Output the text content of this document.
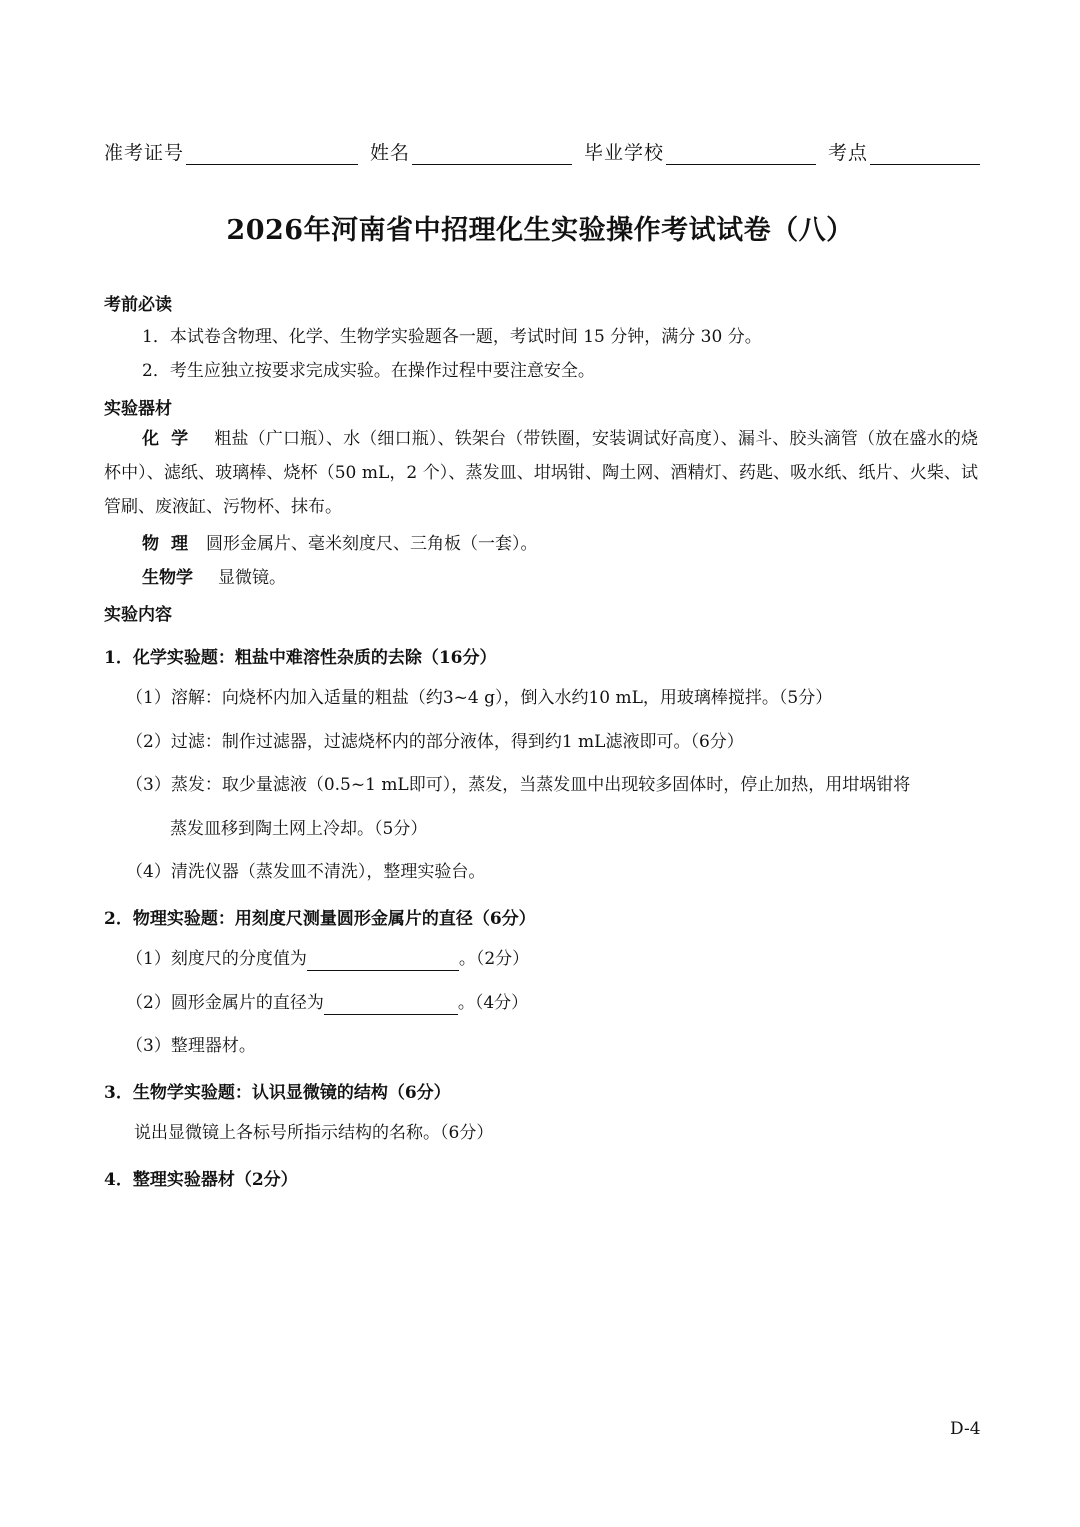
准考证号	姓名	毕业学校	考点
2026年河南省中招理化生实验操作考试试卷（八）
考前必读
1．本试卷含物理、化学、生物学实验题各一题，考试时间 15 分钟，满分 30 分。
2．考生应独立按要求完成实验。在操作过程中要注意安全。
实验器材
化学 粗盐（广口瓶）、水（细口瓶）、铁架台（带铁圈，安装调试好高度）、漏斗、胶头滴管（放在盛水的烧杯中）、滤纸、玻璃棒、烧杯（50 mL，2 个）、蒸发皿、坩埚钳、陶土网、酒精灯、药匙、吸水纸、纸片、火柴、试管刷、废液缸、污物杯、抹布。
物理 圆形金属片、毫米刻度尺、三角板（一套）。
生物学 显微镜。
实验内容
1．化学实验题：粗盐中难溶性杂质的去除（16分）
（1）溶解：向烧杯内加入适量的粗盐（约3~4 g），倒入水约10 mL，用玻璃棒搅拌。（5分）
（2）过滤：制作过滤器，过滤烧杯内的部分液体，得到约1 mL滤液即可。（6分）
（3）蒸发：取少量滤液（0.5~1 mL即可），蒸发，当蒸发皿中出现较多固体时，停止加热，用坩埚钳将
蒸发皿移到陶土网上冷却。（5分）
（4）清洗仪器（蒸发皿不清洗），整理实验台。
2．物理实验题：用刻度尺测量圆形金属片的直径（6分）
（1）刻度尺的分度值为	。（2分）
（2）圆形金属片的直径为	。（4分）
（3）整理器材。
3．生物学实验题：认识显微镜的结构（6分）
说出显微镜上各标号所指示结构的名称。（6分）
4．整理实验器材（2分）
D-4
